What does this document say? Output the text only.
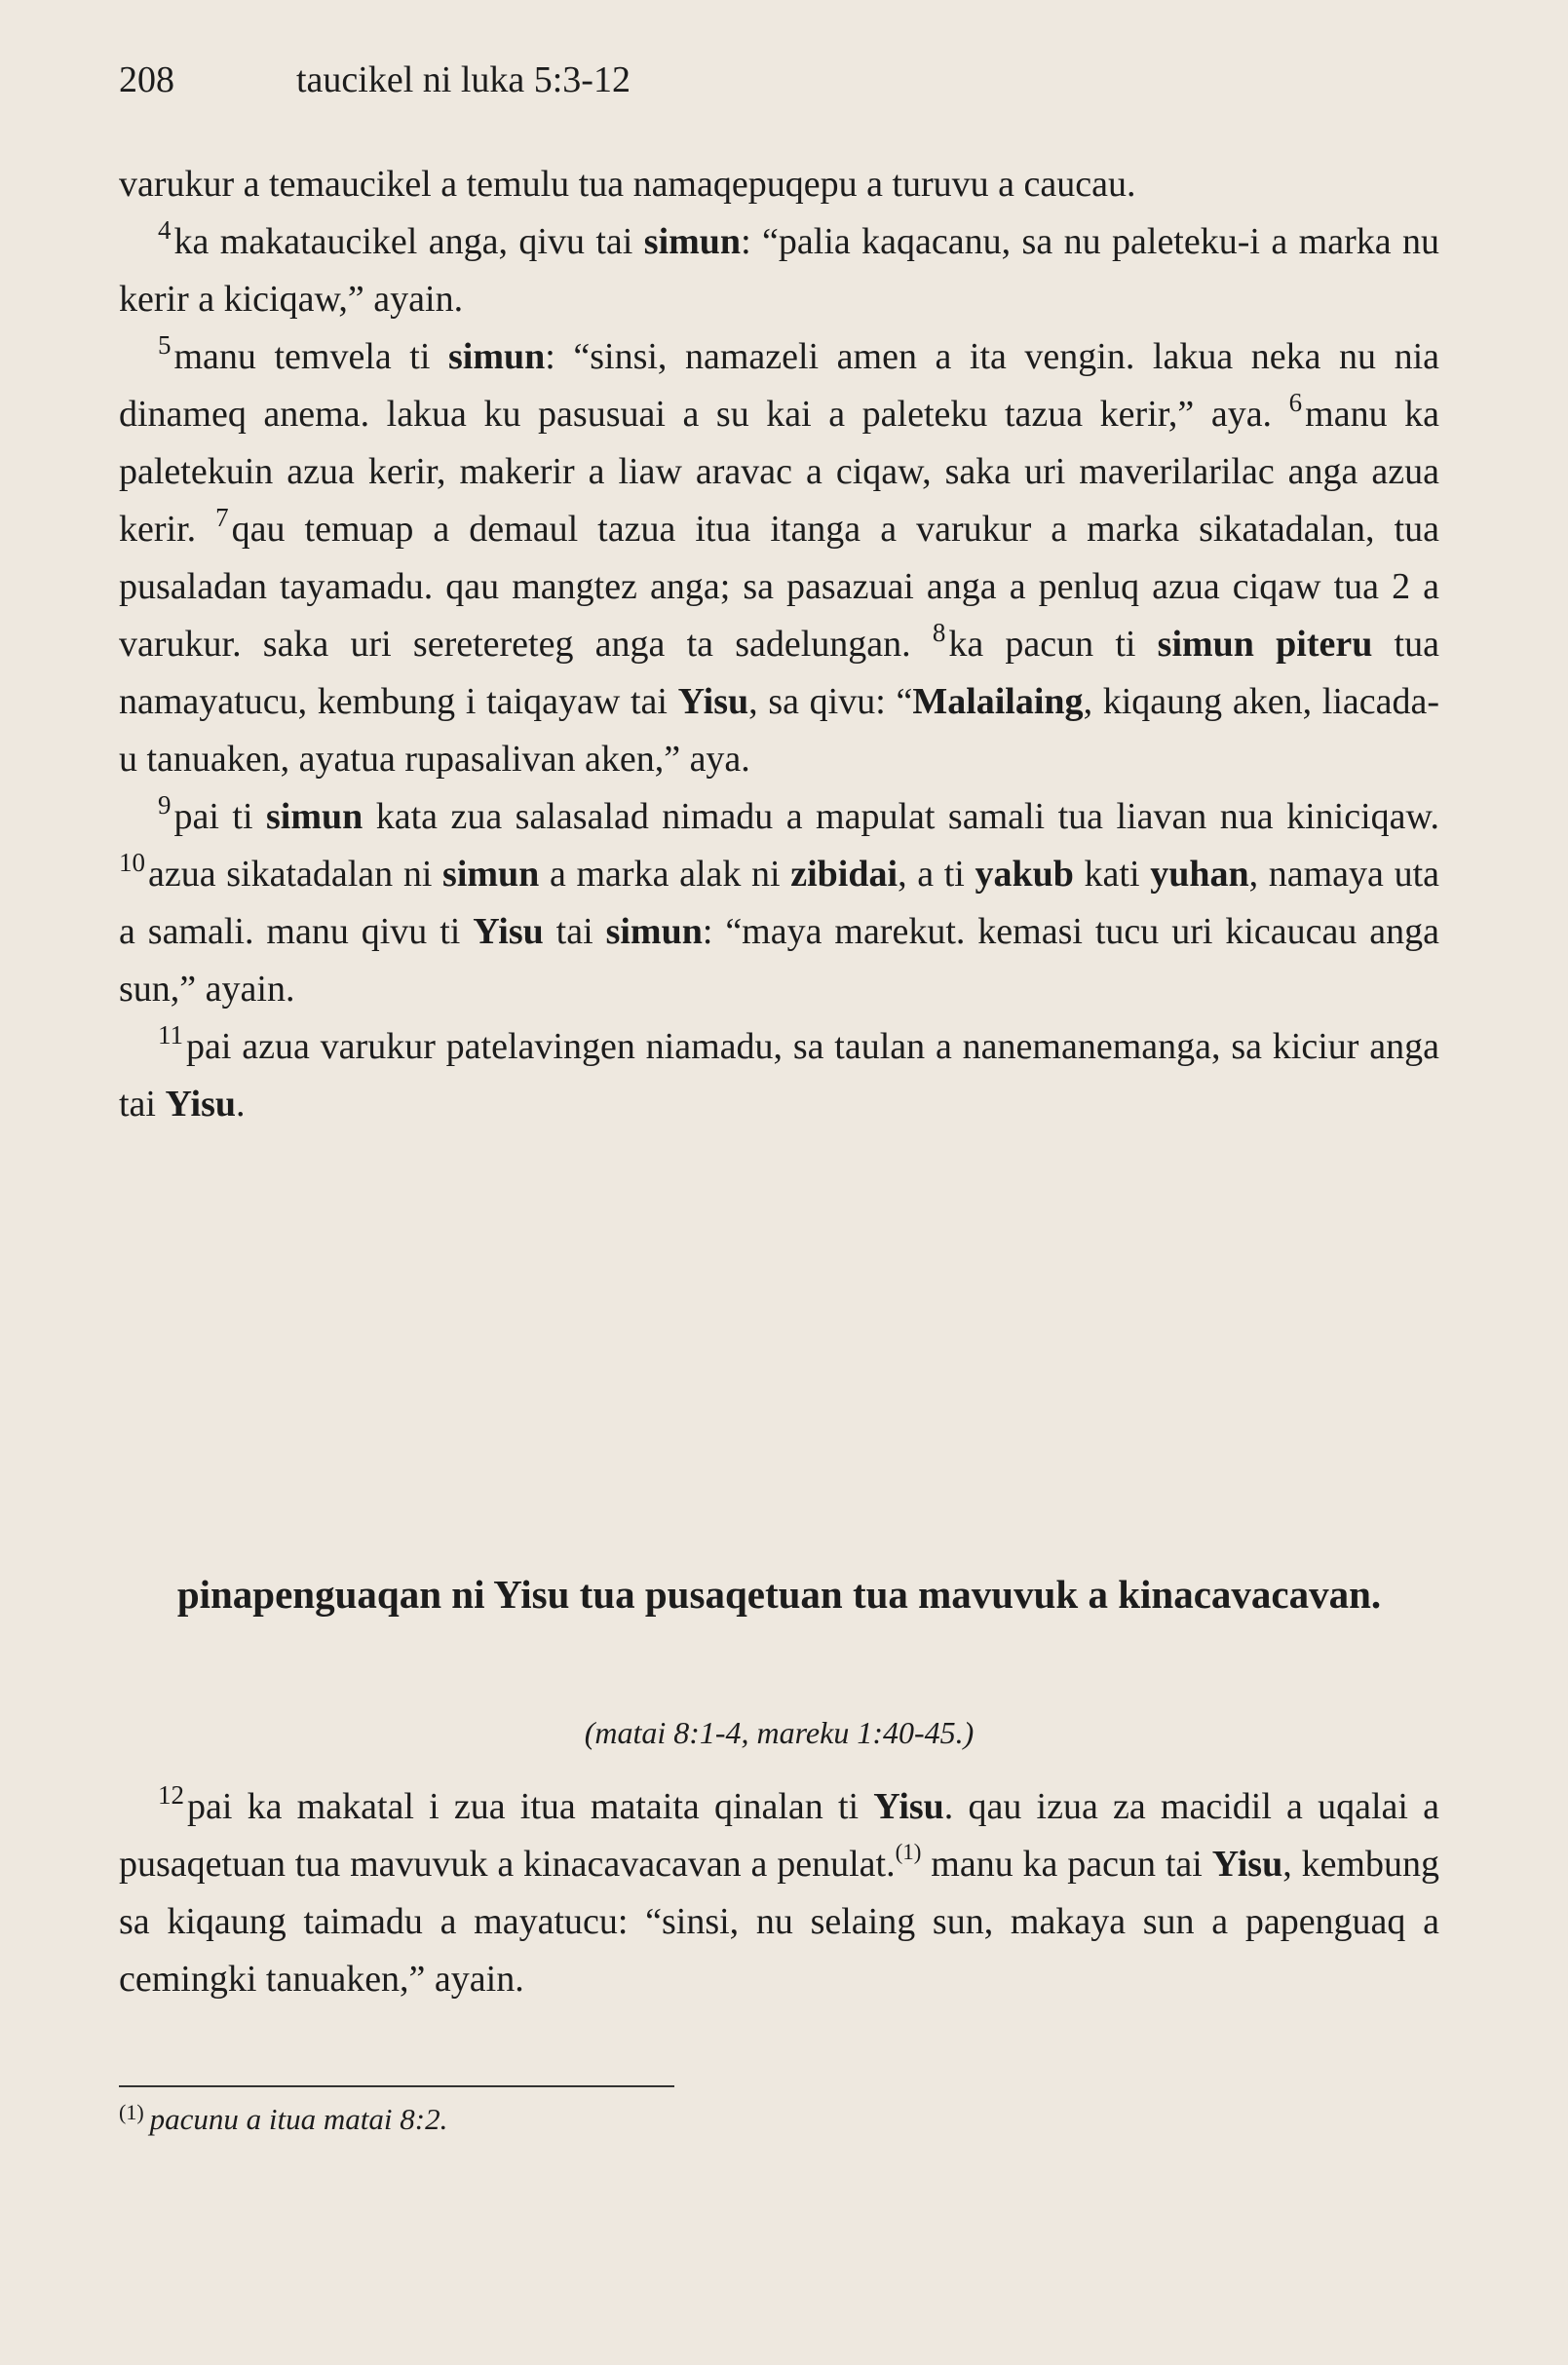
208	taucikel ni luka 5:3-12

varukur a temaucikel a temulu tua namaqepuqepu a turuvu a caucau.

$^4$ka makataucikel anga, qivu tai simun: “palia kaqacanu, sa nu paleteku-i a marka nu kerir a kiciqaw,” ayain.

$^5$manu temvela ti simun: “sinsi, namazeli amen a ita vengin. lakua neka nu nia dinameq anema. lakua ku pasusuai a su kai a paleteku tazua kerir,” aya. $^6$manu ka paletekuin azua kerir, makerir a liaw aravac a ciqaw, saka uri maverilarilac anga azua kerir. $^7$qau temuap a demaul tazua itua itanga a varukur a marka sikatadalan, tua pusaladan tayamadu. qau mangtez anga; sa pasazuai anga a penluq azua ciqaw tua 2 a varukur. saka uri seretereteg anga ta sadelungan. $^8$ka pacun ti simun piteru tua namayatucu, kembung i taiqayaw tai Yisu, sa qivu: “Malailaing, kiqaung aken, liacada-u tanuaken, ayatua rupasalivan aken,” aya.

$^9$pai ti simun kata zua salasalad nimadu a mapulat samali tua liavan nua kiniciqaw. $^{10}$azua sikatadalan ni simun a marka alak ni zibidai, a ti yakub kati yuhan, namaya uta a samali. manu qivu ti Yisu tai simun: “maya marekut. kemasi tucu uri kicaucau anga sun,” ayain.

$^{11}$pai azua varukur patelavingen niamadu, sa taulan a nanemanemanga, sa kiciur anga tai Yisu.

pinapenguaqan ni Yisu tua pusaqetuan tua mavuvuk a kinacavacavan.
(matai 8:1-4, mareku 1:40-45.)

$^{12}$pai ka makatal i zua itua mataita qinalan ti Yisu. qau izua za macidil a uqalai a pusaqetuan tua mavuvuk a kinacavacavan a penulat.$^{(1)}$ manu ka pacun tai Yisu, kembung sa kiqaung taimadu a mayatucu: “sinsi, nu selaing sun, makaya sun a papenguaq a cemingki tanuaken,” ayain.

$^{(1)}$ pacunu a itua matai 8:2.
